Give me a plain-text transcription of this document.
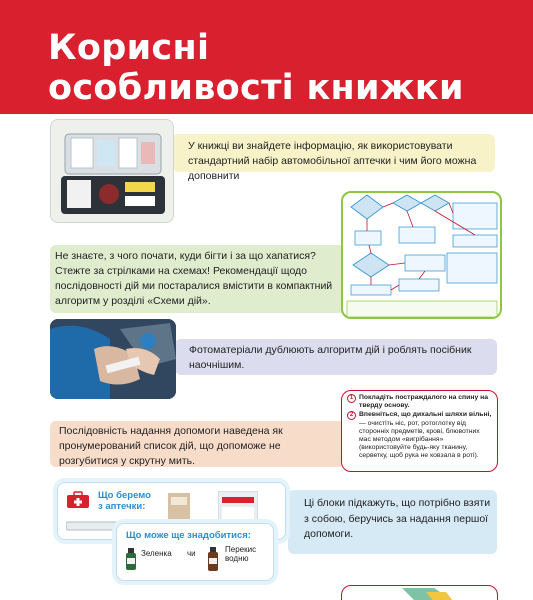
Корисні
особливості книжки
У книжці ви знайдете інформацію, як використовувати стандартний набір автомобільної аптечки і чим його можна доповнити
Не знаєте, з чого почати, куди бігти і за що хапатися? Стежте за стрілками на схемах! Рекомендації щодо послідовності дій ми постаралися вмістити в компактний алгоритм у розділі «Схеми дій».
Фотоматеріали дублюють алгоритм дій і роблять посібник наочнішим.
Послідовність надання допомоги наведена як пронумерований список дій, що допоможе не розгубитися у скрутну мить.
1 Покладіть постраждалого на спину на тверду основу.
2 Впевніться, що дихальні шляхи вільні, — очистіть ніс, рот, ротоглотку від сторонніх предметів, крові, блювотних мас методом «вигрібання» (використовуйте будь-яку тканину, серветку, щоб рука не ковзала в роті).
Ці блоки підкажуть, що потрібно взяти з собою, беручись за надання першої допомоги.
Що беремо
з аптечки:
Що може ще знадобитися:
Зеленка чи	Перекис
водню
